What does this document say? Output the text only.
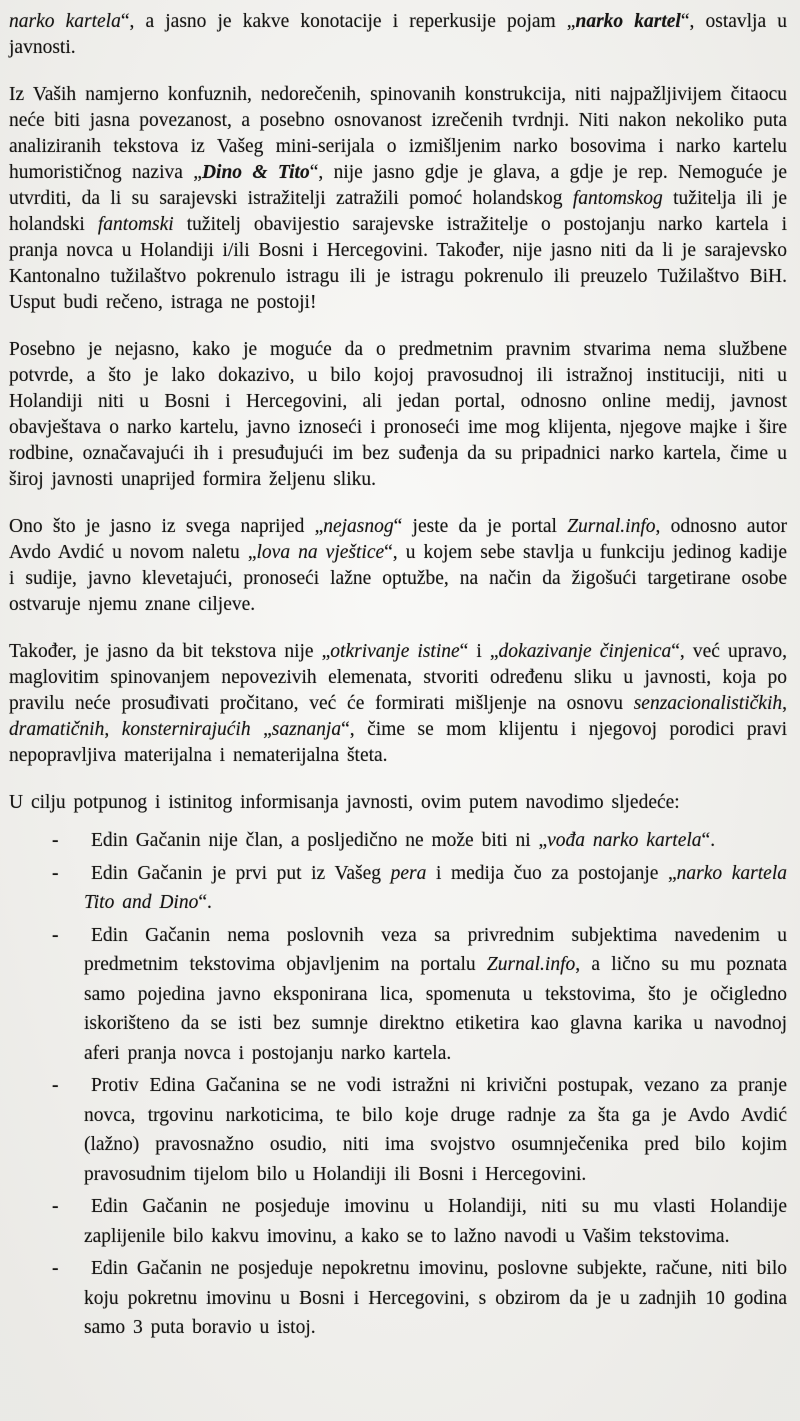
narko kartela“, a jasno je kakve konotacije i reperkusije pojam „narko kartel“, ostavlja u javnosti.

Iz Vaših namjerno konfuznih, nedorečenih, spinovanih konstrukcija, niti najpažljivijem čitaocu neće biti jasna povezanost, a posebno osnovanost izrečenih tvrdnji. Niti nakon nekoliko puta analiziranih tekstova iz Vašeg mini-serijala o izmišljenim narko bosovima i narko kartelu humorističnog naziva „Dino & Tito“, nije jasno gdje je glava, a gdje je rep. Nemoguće je utvrditi, da li su sarajevski istražitelji zatražili pomoć holandskog fantomskog tužitelja ili je holandski fantomski tužitelj obavijestio sarajevske istražitelje o postojanju narko kartela i pranja novca u Holandiji i/ili Bosni i Hercegovini. Također, nije jasno niti da li je sarajevsko Kantonalno tužilaštvo pokrenulo istragu ili je istragu pokrenulo ili preuzelo Tužilaštvo BiH. Usput budi rečeno, istraga ne postoji!

Posebno je nejasno, kako je moguće da o predmetnim pravnim stvarima nema službene potvrde, a što je lako dokazivo, u bilo kojoj pravosudnoj ili istražnoj instituciji, niti u Holandiji niti u Bosni i Hercegovini, ali jedan portal, odnosno online medij, javnost obavještava o narko kartelu, javno iznoseći i pronoseći ime mog klijenta, njegove majke i šire rodbine, označavajući ih i presuđujući im bez suđenja da su pripadnici narko kartela, čime u široj javnosti unaprijed formira željenu sliku.

Ono što je jasno iz svega naprijed „nejasnog“ jeste da je portal Zurnal.info, odnosno autor Avdo Avdić u novom naletu „lova na vještice“, u kojem sebe stavlja u funkciju jedinog kadije i sudije, javno klevetajući, pronoseći lažne optužbe, na način da žigošući targetirane osobe ostvaruje njemu znane ciljeve.

Također, je jasno da bit tekstova nije „otkrivanje istine“ i „dokazivanje činjenica“, već upravo, maglovitim spinovanjem nepovezivih elemenata, stvoriti određenu sliku u javnosti, koja po pravilu neće prosuđivati pročitano, već će formirati mišljenje na osnovu senzacionalističkih, dramatičnih, konsternirajućih „saznanja“, čime se mom klijentu i njegovoj porodici pravi nepopravljiva materijalna i nematerijalna šteta.

U cilju potpunog i istinitog informisanja javnosti, ovim putem navodimo sljedeće:

- Edin Gačanin nije član, a posljedično ne može biti ni „vođa narko kartela“.
- Edin Gačanin je prvi put iz Vašeg pera i medija čuo za postojanje „narko kartela Tito and Dino“.
- Edin Gačanin nema poslovnih veza sa privrednim subjektima navedenim u predmetnim tekstovima objavljenim na portalu Zurnal.info, a lično su mu poznata samo pojedina javno eksponirana lica, spomenuta u tekstovima, što je očigledno iskorišteno da se isti bez sumnje direktno etiketira kao glavna karika u navodnoj aferi pranja novca i postojanju narko kartela.
- Protiv Edina Gačanina se ne vodi istražni ni krivični postupak, vezano za pranje novca, trgovinu narkoticima, te bilo koje druge radnje za šta ga je Avdo Avdić (lažno) pravosnažno osudio, niti ima svojstvo osumnječenika pred bilo kojim pravosudnim tijelom bilo u Holandiji ili Bosni i Hercegovini.
- Edin Gačanin ne posjeduje imovinu u Holandiji, niti su mu vlasti Holandije zaplijenile bilo kakvu imovinu, a kako se to lažno navodi u Vašim tekstovima.
- Edin Gačanin ne posjeduje nepokretnu imovinu, poslovne subjekte, račune, niti bilo koju pokretnu imovinu u Bosni i Hercegovini, s obzirom da je u zadnjih 10 godina samo 3 puta boravio u istoj.
